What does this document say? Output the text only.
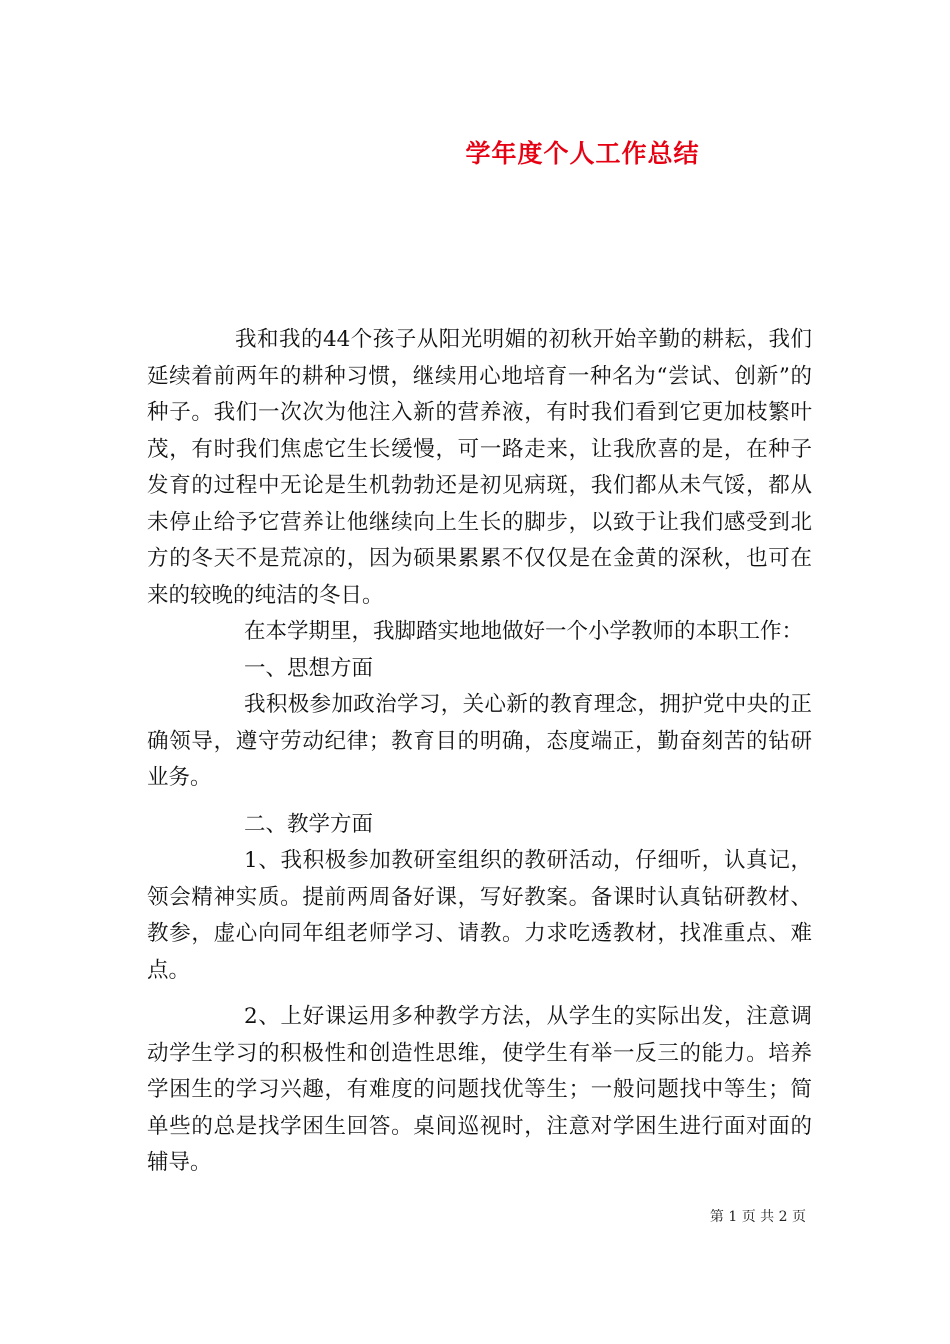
学年度个人工作总结

我和我的44个孩子从阳光明媚的初秋开始辛勤的耕耘，我们延续着前两年的耕种习惯，继续用心地培育一种名为“尝试、创新”的种子。我们一次次为他注入新的营养液，有时我们看到它更加枝繁叶茂，有时我们焦虑它生长缓慢，可一路走来，让我欣喜的是，在种子发育的过程中无论是生机勃勃还是初见病斑，我们都从未气馁，都从未停止给予它营养让他继续向上生长的脚步，以致于让我们感受到北方的冬天不是荒凉的，因为硕果累累不仅仅是在金黄的深秋，也可在来的较晚的纯洁的冬日。

在本学期里，我脚踏实地地做好一个小学教师的本职工作：

一、思想方面

我积极参加政治学习，关心新的教育理念，拥护党中央的正确领导，遵守劳动纪律；教育目的明确，态度端正，勤奋刻苦的钻研业务。

二、教学方面

1、我积极参加教研室组织的教研活动，仔细听，认真记，领会精神实质。提前两周备好课，写好教案。备课时认真钻研教材、教参，虚心向同年组老师学习、请教。力求吃透教材，找准重点、难点。

2、上好课运用多种教学方法，从学生的实际出发，注意调动学生学习的积极性和创造性思维，使学生有举一反三的能力。培养学困生的学习兴趣，有难度的问题找优等生；一般问题找中等生；简单些的总是找学困生回答。桌间巡视时，注意对学困生进行面对面的辅导。

第 1 页 共 2 页
